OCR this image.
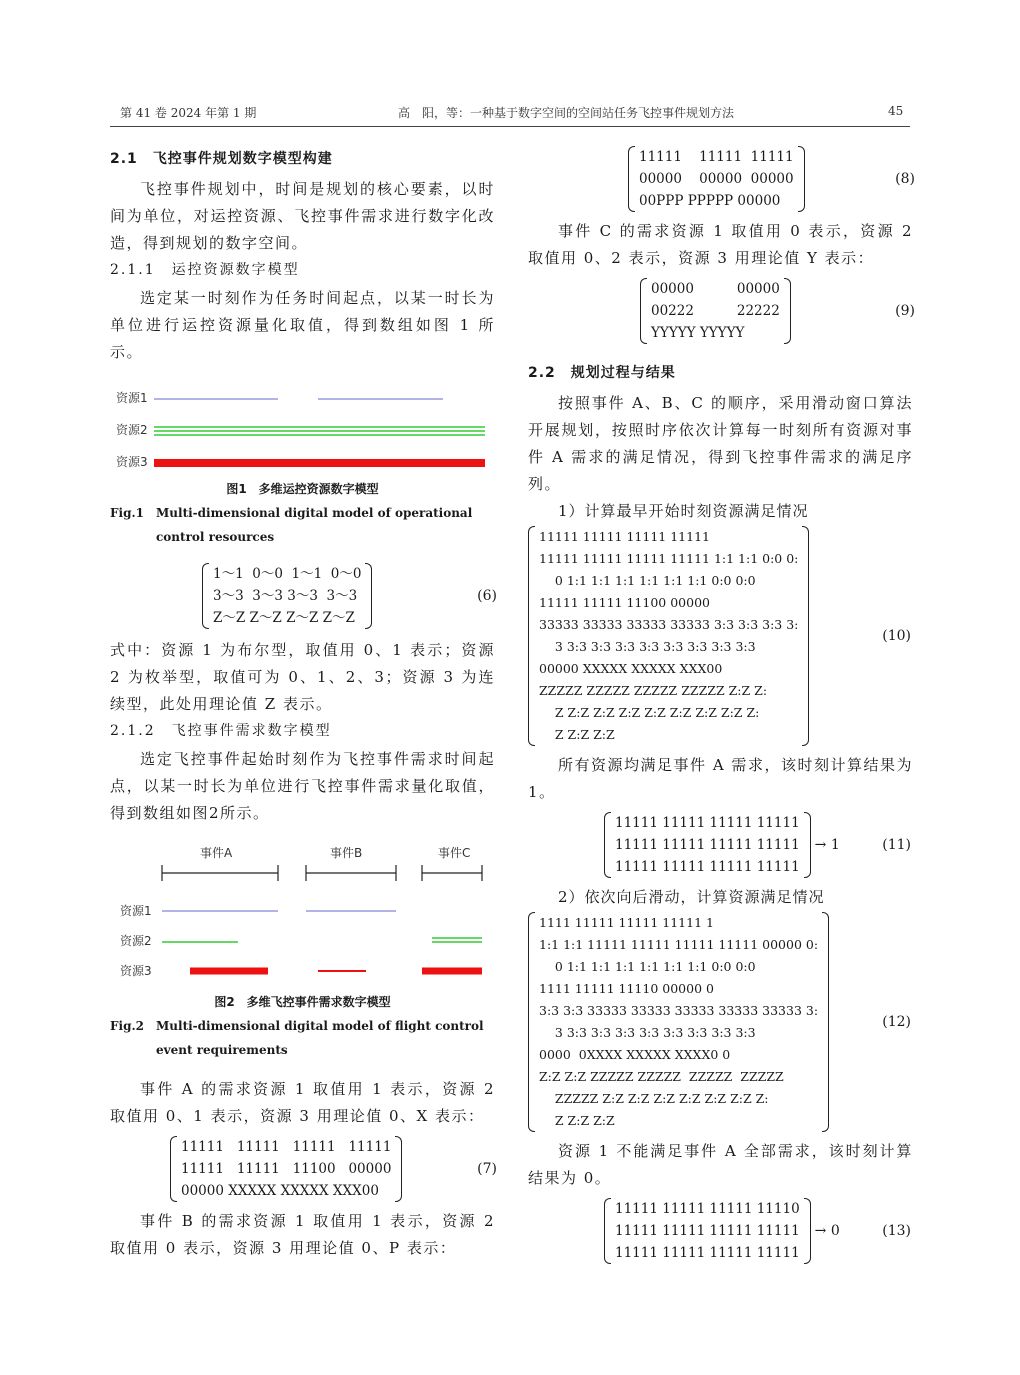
第 41 卷 2024 年第 1 期	高　阳，等：一种基于数字空间的空间站任务飞控事件规划方法	45
2.1　飞控事件规划数字模型构建

飞控事件规划中，时间是规划的核心要素，以时间为单位，对运控资源、飞控事件需求进行数字化改造，得到规划的数字空间。

2.1.1　运控资源数字模型

选定某一时刻作为任务时间起点，以某一时长为单位进行运控资源量化取值，得到数组如图 1 所示。

资源1
资源2
资源3
图1　多维运控资源数字模型
Fig.1	Multi-dimensional digital model of operational control resources
1～1  0～0  1～1  0～0
3～3  3～3 3～3  3～3
Z～Z Z～Z Z～Z Z～Z
(6)

式中：资源 1 为布尔型，取值用 0、1 表示；资源 2 为枚举型，取值可为 0、1、2、3；资源 3 为连续型，此处用理论值 Z 表示。

2.1.2　飞控事件需求数字模型

选定飞控事件起始时刻作为飞控事件需求时间起点，以某一时长为单位进行飞控事件需求量化取值，得到数组如图2所示。

事件A	事件B	事件C
资源1
资源2
资源3
图2　多维飞控事件需求数字模型
Fig.2	Multi-dimensional digital model of flight control event requirements

事件 A 的需求资源 1 取值用 1 表示，资源 2 取值用 0、1 表示，资源 3 用理论值 0、X 表示：

11111   11111   11111   11111
11111   11111   11100   00000
00000 XXXXX XXXXX XXX00
(7)

事件 B 的需求资源 1 取值用 1 表示，资源 2 取值用 0 表示，资源 3 用理论值 0、P 表示：

11111    11111  11111
00000    00000  00000
00PPP PPPPP 00000
(8)

事件 C 的需求资源 1 取值用 0 表示，资源 2 取值用 0、2 表示，资源 3 用理论值 Y 表示：

00000          00000
00222          22222
YYYYY YYYYY
(9)
2.2　规划过程与结果

按照事件 A、B、C 的顺序，采用滑动窗口算法开展规划，按照时序依次计算每一时刻所有资源对事件 A 需求的满足情况，得到飞控事件需求的满足序列。

1）计算最早开始时刻资源满足情况

11111 11111 11111 11111
11111 11111 11111 11111 1:1 1:1 0:0 0:
0 1:1 1:1 1:1 1:1 1:1 1:1 0:0 0:0
11111 11111 11100 00000
33333 33333 33333 33333 3:3 3:3 3:3 3:
3 3:3 3:3 3:3 3:3 3:3 3:3 3:3 3:3
00000 XXXXX XXXXX XXX00
ZZZZZ ZZZZZ ZZZZZ ZZZZZ Z:Z Z:
Z Z:Z Z:Z Z:Z Z:Z Z:Z Z:Z Z:Z Z:
Z Z:Z Z:Z
(10)

所有资源均满足事件 A 需求，该时刻计算结果为1。

11111 11111 11111 11111
11111 11111 11111 11111
11111 11111 11111 11111
→ 1	(11)

2）依次向后滑动，计算资源满足情况

1111 11111 11111 11111 1
1:1 1:1 11111 11111 11111 11111 00000 0:
0 1:1 1:1 1:1 1:1 1:1 1:1 0:0 0:0
1111 11111 11110 00000 0
3:3 3:3 33333 33333 33333 33333 33333 3:
3 3:3 3:3 3:3 3:3 3:3 3:3 3:3 3:3
0000  0XXXX XXXXX XXXX0 0
Z:Z Z:Z ZZZZZ ZZZZZ  ZZZZZ  ZZZZZ
ZZZZZ Z:Z Z:Z Z:Z Z:Z Z:Z Z:Z Z:
Z Z:Z Z:Z
(12)

资源 1 不能满足事件 A 全部需求，该时刻计算结果为 0。

11111 11111 11111 11110
11111 11111 11111 11111
11111 11111 11111 11111
→ 0	(13)
